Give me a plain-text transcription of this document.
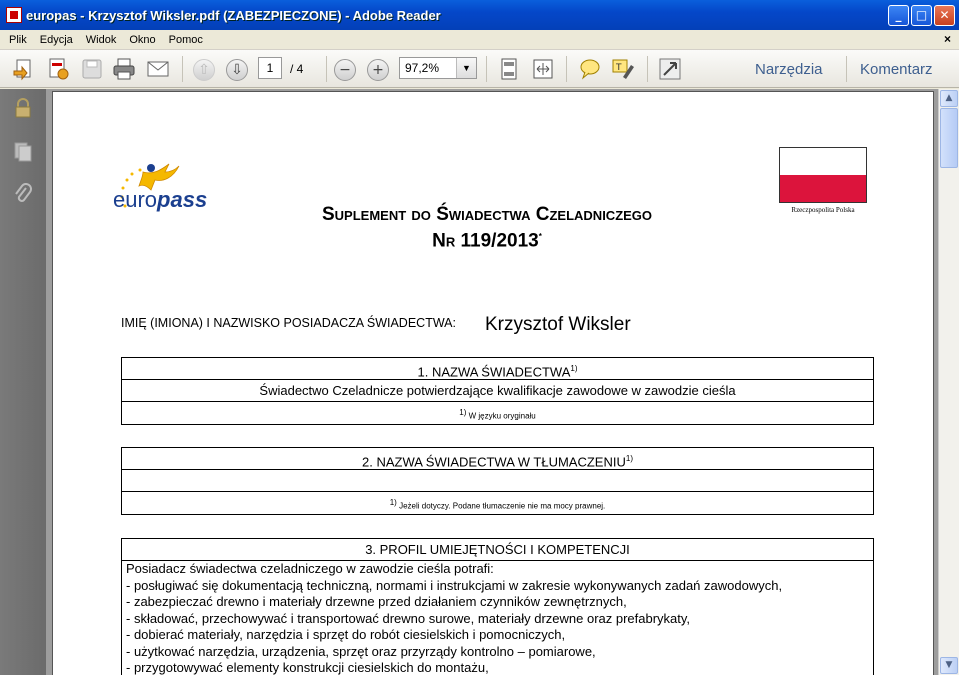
europas - Krzysztof Wiksler.pdf (ZABEZPIECZONE) - Adobe Reader	_	□	✕
Plik Edycja Widok Okno Pomoc	×
⇧	⇩	−	+	T
1	/ 4	97,2%	▼	Narzędzia Komentarz
europass	Rzeczpospolita Polska
Suplement do Świadectwa Czeladniczego
Nr 119/2013*
IMIĘ (IMIONA) I NAZWISKO POSIADACZA ŚWIADECTWA: Krzysztof Wiksler
1. NAZWA ŚWIADECTWA$^{1)}$
Świadectwo Czeladnicze potwierdzające kwalifikacje zawodowe w zawodzie cieśla
$^{1)}$ W języku oryginału
2. NAZWA ŚWIADECTWA W TŁUMACZENIU$^{1)}$
$^{1)}$ Jeżeli dotyczy. Podane tłumaczenie nie ma mocy prawnej.
3. PROFIL UMIEJĘTNOŚCI I KOMPETENCJI
Posiadacz świadectwa czeladniczego w zawodzie cieśla potrafi:
- posługiwać się dokumentacją techniczną, normami i instrukcjami w zakresie wykonywanych zadań zawodowych,
- zabezpieczać drewno i materiały drzewne przed działaniem czynników zewnętrznych,
- składować, przechowywać i transportować drewno surowe, materiały drzewne oraz prefabrykaty,
- dobierać materiały, narzędzia i sprzęt do robót ciesielskich i pomocniczych,
- użytkować narzędzia, urządzenia, sprzęt oraz przyrządy kontrolno – pomiarowe,
- przygotowywać elementy konstrukcji ciesielskich do montażu,
▲
▼
